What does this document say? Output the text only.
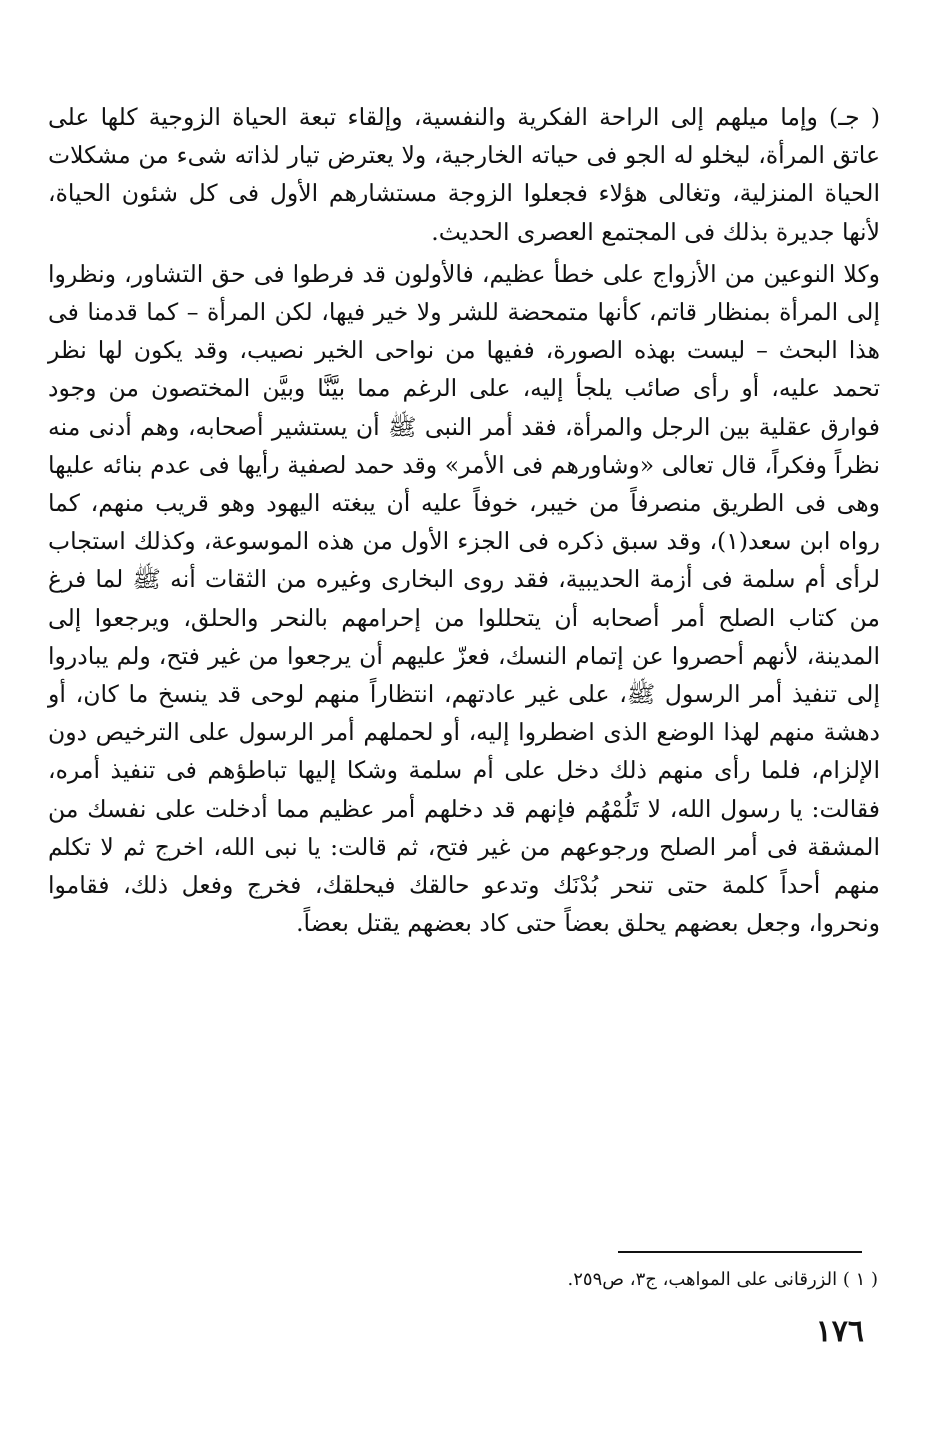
( جـ) وإما ميلهم إلى الراحة الفكرية والنفسية، وإلقاء تبعة الحياة الزوجية كلها على عاتق المرأة، ليخلو له الجو فى حياته الخارجية، ولا يعترض تيار لذاته شىء من مشكلات الحياة المنزلية، وتغالى هؤلاء فجعلوا الزوجة مستشارهم الأول فى كل شئون الحياة، لأنها جديرة بذلك فى المجتمع العصرى الحديث.

وكلا النوعين من الأزواج على خطأ عظيم، فالأولون قد فرطوا فى حق التشاور، ونظروا إلى المرأة بمنظار قاتم، كأنها متمحضة للشر ولا خير فيها، لكن المرأة – كما قدمنا فى هذا البحث – ليست بهذه الصورة، ففيها من نواحى الخير نصيب، وقد يكون لها نظر تحمد عليه، أو رأى صائب يلجأ إليه، على الرغم مما بيَّنَّا وبيَّن المختصون من وجود فوارق عقلية بين الرجل والمرأة، فقد أمر النبى ﷺ أن يستشير أصحابه، وهم أدنى منه نظراً وفكراً، قال تعالى «وشاورهم فى الأمر» وقد حمد لصفية رأيها فى عدم بنائه عليها وهى فى الطريق منصرفاً من خيبر، خوفاً عليه أن يبغته اليهود وهو قريب منهم، كما رواه ابن سعد(١)، وقد سبق ذكره فى الجزء الأول من هذه الموسوعة، وكذلك استجاب لرأى أم سلمة فى أزمة الحديبية، فقد روى البخارى وغيره من الثقات أنه ﷺ لما فرغ من كتاب الصلح أمر أصحابه أن يتحللوا من إحرامهم بالنحر والحلق، ويرجعوا إلى المدينة، لأنهم أحصروا عن إتمام النسك، فعزّ عليهم أن يرجعوا من غير فتح، ولم يبادروا إلى تنفيذ أمر الرسول ﷺ، على غير عادتهم، انتظاراً منهم لوحى قد ينسخ ما كان، أو دهشة منهم لهذا الوضع الذى اضطروا إليه، أو لحملهم أمر الرسول على الترخيص دون الإلزام، فلما رأى منهم ذلك دخل على أم سلمة وشكا إليها تباطؤهم فى تنفيذ أمره، فقالت: يا رسول الله، لا تَلُمْهُم فإنهم قد دخلهم أمر عظيم مما أدخلت على نفسك من المشقة فى أمر الصلح ورجوعهم من غير فتح، ثم قالت: يا نبى الله، اخرج ثم لا تكلم منهم أحداً كلمة حتى تنحر بُدْنَك وتدعو حالقك فيحلقك، فخرج وفعل ذلك، فقاموا ونحروا، وجعل بعضهم يحلق بعضاً حتى كاد بعضهم يقتل بعضاً.

( ١ ) الزرقانى على المواهب، ج٣، ص٢٥٩.
١٧٦
